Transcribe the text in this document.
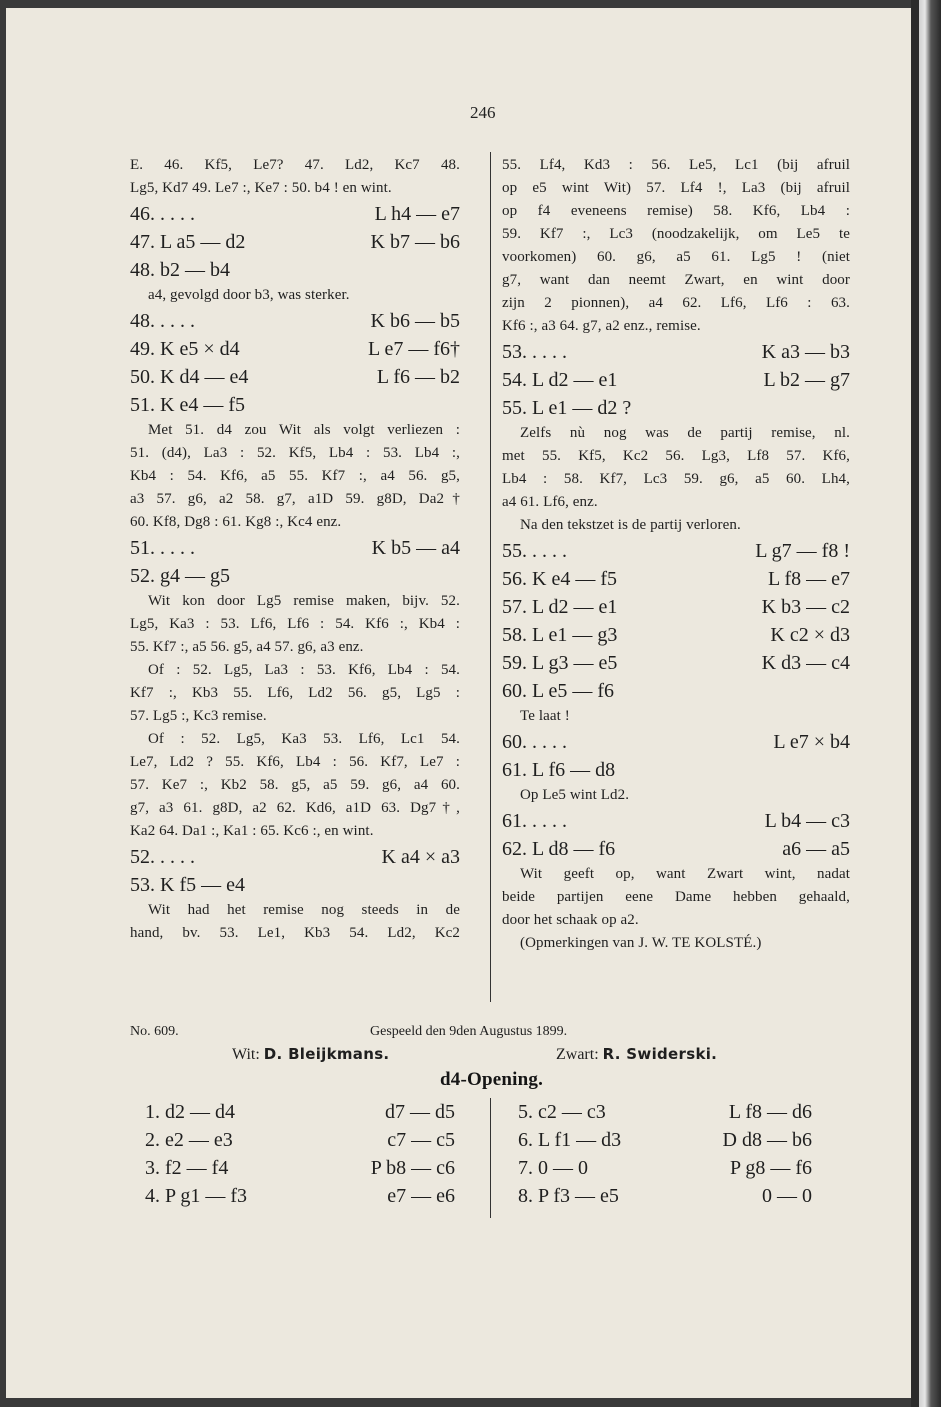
246

E. 46. Kf5, Le7? 47. Ld2, Kc7 48.

Lg5, Kd7 49. Le7 :, Ke7 : 50. b4 ! en wint.

46. . . . .	L h4 — e7
47. L a5 — d2	K b7 — b6
48. b2 — b4

a4, gevolgd door b3, was sterker.

48. . . . .	K b6 — b5
49. K e5 × d4	L e7 — f6†
50. K d4 — e4	L f6 — b2
51. K e4 — f5

Met 51. d4 zou Wit als volgt verliezen :

51. (d4), La3 : 52. Kf5, Lb4 : 53. Lb4 :,

Kb4 : 54. Kf6, a5 55. Kf7 :, a4 56. g5,

a3 57. g6, a2 58. g7, a1D 59. g8D, Da2†

60. Kf8, Dg8 : 61. Kg8 :, Kc4 enz.

51. . . . .	K b5 — a4
52. g4 — g5

Wit kon door Lg5 remise maken, bijv. 52.

Lg5, Ka3 : 53. Lf6, Lf6 : 54. Kf6 :, Kb4 :

55. Kf7 :, a5 56. g5, a4 57. g6, a3 enz.

Of : 52. Lg5, La3 : 53. Kf6, Lb4 : 54.

Kf7 :, Kb3 55. Lf6, Ld2 56. g5, Lg5 :

57. Lg5 :, Kc3 remise.

Of : 52. Lg5, Ka3 53. Lf6, Lc1 54.

Le7, Ld2 ? 55. Kf6, Lb4 : 56. Kf7, Le7 :

57. Ke7 :, Kb2 58. g5, a5 59. g6, a4 60.

g7, a3 61. g8D, a2 62. Kd6, a1D 63. Dg7†,

Ka2 64. Da1 :, Ka1 : 65. Kc6 :, en wint.

52. . . . .	K a4 × a3
53. K f5 — e4

Wit had het remise nog steeds in de

hand, bv. 53. Le1, Kb3 54. Ld2, Kc2

55. Lf4, Kd3 : 56. Le5, Lc1 (bij afruil

op e5 wint Wit) 57. Lf4 !, La3 (bij afruil

op f4 eveneens remise) 58. Kf6, Lb4 :

59. Kf7 :, Lc3 (noodzakelijk, om Le5 te

voorkomen) 60. g6, a5 61. Lg5 ! (niet

g7, want dan neemt Zwart, en wint door

zijn 2 pionnen), a4 62. Lf6, Lf6 : 63.

Kf6 :, a3 64. g7, a2 enz., remise.

53. . . . .	K a3 — b3
54. L d2 — e1	L b2 — g7
55. L e1 — d2 ?

Zelfs nù nog was de partij remise, nl.

met 55. Kf5, Kc2 56. Lg3, Lf8 57. Kf6,

Lb4 : 58. Kf7, Lc3 59. g6, a5 60. Lh4,

a4 61. Lf6, enz.

Na den tekstzet is de partij verloren.

55. . . . .	L g7 — f8 !
56. K e4 — f5	L f8 — e7
57. L d2 — e1	K b3 — c2
58. L e1 — g3	K c2 × d3
59. L g3 — e5	K d3 — c4
60. L e5 — f6

Te laat !

60. . . . .	L e7 × b4
61. L f6 — d8

Op Le5 wint Ld2.

61. . . . .	L b4 — c3
62. L d8 — f6	a6 — a5

Wit geeft op, want Zwart wint, nadat

beide partijen eene Dame hebben gehaald,

door het schaak op a2.

(Opmerkingen van J. W. TE KOLSTÉ.)

No. 609.	Gespeeld den 9den Augustus 1899.
Wit: D. Bleijkmans.	Zwart: R. Swiderski.
d4-Opening.
1. d2 — d4	d7 — d5
2. e2 — e3	c7 — c5
3. f2 — f4	P b8 — c6
4. P g1 — f3	e7 — e6
5. c2 — c3	L f8 — d6
6. L f1 — d3	D d8 — b6
7. 0 — 0	P g8 — f6
8. P f3 — e5	0 — 0
